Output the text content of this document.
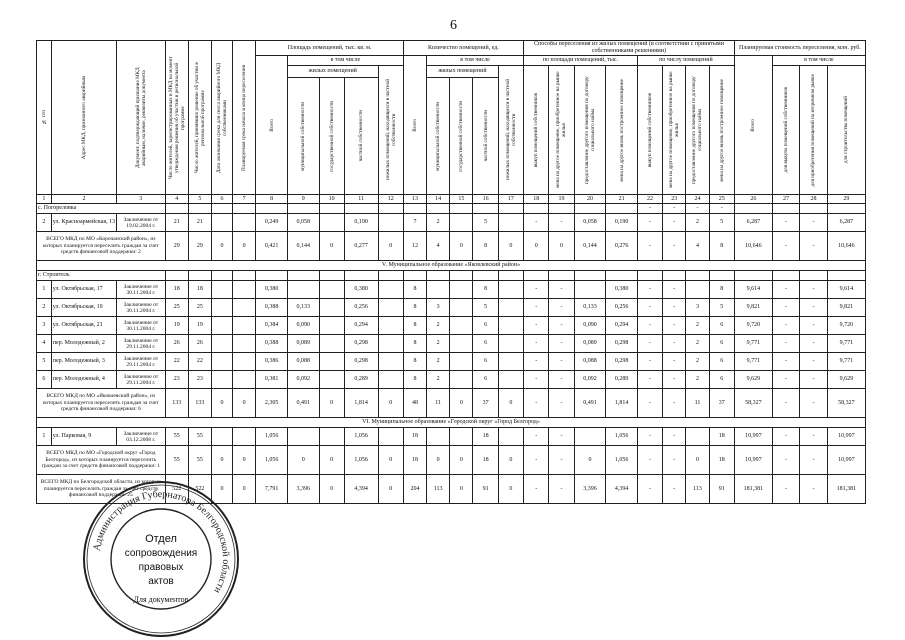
6
№ п/п	Адрес МКД, признанного аварийным	Документ, подтверждающий признание МКД аварийным, наличие, реквизиты документа	Число жителей, зарегистрированных в МКД на момент утверждения решения об участии в региональной программе	Число жителей, принявших решение об участии в региональной программе	Дата окончания срока для сноса аварийного МКД собственниками	Планируемая срока начала и конца переселения	Площадь помещений, тыс. кв. м.					Количество помещений, ед.					Способы переселения из жилых помещений (в соответствии с принятыми собственниками решениями)								Планируемая стоимость переселения, млн. руб.			

							Всего	в том числе				Всего	в том числе				по площади помещений, тыс.				по числу помещений				Всего	в том числе		
								жилых помещений			нежилых помещений, находящихся в частной собственности		жилых помещений			нежилых помещений, находящихся в частной собственности	выкуп помещений собственников	мена на другое помещение, приобретенное на рынке жилья	предоставление другого помещения по договору социального найма	мена на другое вновь построенное помещение	выкуп помещений собственников	мена на другое помещение, приобретенное на рынке жилья	предоставление другого помещения по договору социального найма	мена на другое вновь построенное помещение		для выкупа помещений собственников	для приобретения помещений на вторичном рынке	для строительства помещений

								муниципальной собственности	государственной собственности	частной собственности			муниципальной собственности	государственной собственности	частной собственности													

1	2	3	4	5	6	7	8	9	10	11	12	13	14	15	16	17	18	19	20	21	22	23	24	25	26	27	28	29
с. Погореловка																					-	-	-	-				
2	ул. Красноармейская, 13	Заключение от 19.02.2004 г.	21	21			0,249	0,058		0,190		7	2		5		-	-	0,058	0,190	-	-	2	5	6,287	-	-	6,287
ВСЕГО МКД по МО «Корочанский район», из которых планируется переселить граждан за счет средств финансовой поддержки: 2			29	29	0	0	0,421	0,144	0	0,277	0	12	4	0	8	0	0	0	0,144	0,276	-	-	4	8	10,646	-	-	10,646
V. Муниципальное образование «Яковлевский район»																												
г. Строитель																												
1	ул. Октябрьская, 17	Заключение от 30.11.2004 г.	18	18			0,380			0,380		8			8		-	-		0,380	-	-		8	9,614	-	-	9,614
2	ул. Октябрьская, 19	Заключение от 30.11.2004 г.	25	25			0,388	0,133		0,256		8	3		5		-	-	0,133	0,256	-	-	3	5	9,821	-	-	9,821
3	ул. Октябрьская, 21	Заключение от 30.11.2004 г.	19	19			0,384	0,090		0,294		8	2		6		-	-	0,090	0,294	-	-	2	6	9,720	-	-	9,720
4	пер. Молодежный, 2	Заключение от 29.11.2004 г.	26	26			0,388	0,089		0,298		8	2		6		-	-	0,089	0,298	-	-	2	6	9,771	-	-	9,771
5	пер. Молодежный, 3	Заключение от 29.11.2004 г.	22	22			0,386	0,088		0,298		8	2		6		-	-	0,088	0,298	-	-	2	6	9,771	-	-	9,771
6	пер. Молодежный, 4	Заключение от 29.11.2004 г.	23	23			0,381	0,092		0,289		8	2		6		-	-	0,092	0,289	-	-	2	6	9,629	-	-	9,629
ВСЕГО МКД по МО «Яковлевский район», из которых планируется переселить граждан за счет средств финансовой поддержки: 6			133	133	0	0	2,305	0,491	0	1,814	0	48	11	0	37	0	-	-	0,491	1,814	-	-	11	37	58,327	-	-	58,327
VI. Муниципальное образование «Городской округ «Город Белгород»																												
1	ул. Парковая, 9	Заключение от 03.12.2008 г.	55	55			1,056			1,056		18			18		-	-		1,056	-	-		18	10,997	-	-	10,997
ВСЕГО МКД по МО «Городской округ «Город Белгород», из которых планируется переселить граждан за счет средств финансовой поддержки: 1			55	55	0	0	1,056	0	0	1,056	0	18	0	0	18	0	-	-	0	1,056	-	-	0	18	10,997	-	-	10,997
ВСЕГО МКД по Белгородской области, из которых планируется переселить граждан за счет средств финансовой поддержки: 25			522	522	0	0	7,791	3,396	0	4,394	0	204	113	0	91	0	-	-	3,396	4,394	-	-	113	91	181,381	-	-	181,381
Администрация Губернатора Белгородской области
Отдел
сопровождения
правовых
актов
Для документов
